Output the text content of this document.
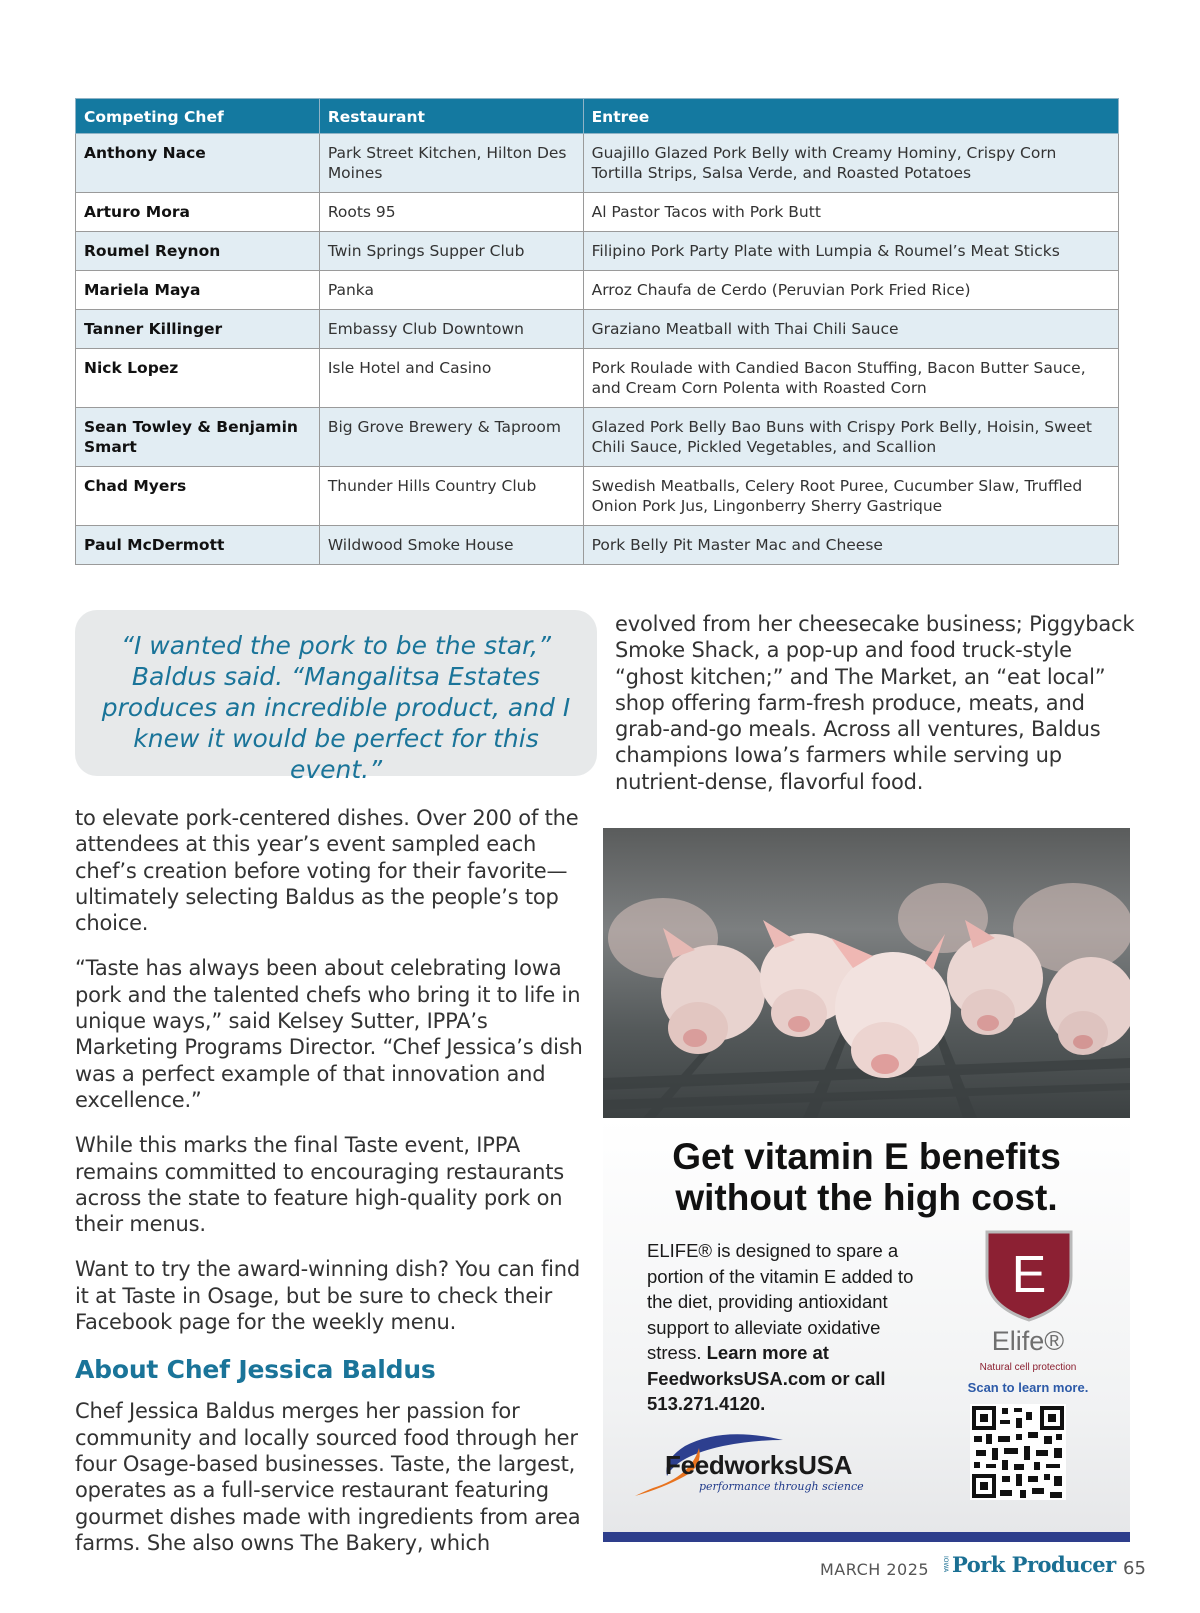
Competing Chef	Restaurant	Entree
Anthony Nace	Park Street Kitchen, Hilton Des Moines	Guajillo Glazed Pork Belly with Creamy Hominy, Crispy Corn Tortilla Strips, Salsa Verde, and Roasted Potatoes
Arturo Mora	Roots 95	Al Pastor Tacos with Pork Butt
Roumel Reynon	Twin Springs Supper Club	Filipino Pork Party Plate with Lumpia & Roumel’s Meat Sticks
Mariela Maya	Panka	Arroz Chaufa de Cerdo (Peruvian Pork Fried Rice)
Tanner Killinger	Embassy Club Downtown	Graziano Meatball with Thai Chili Sauce
Nick Lopez	Isle Hotel and Casino	Pork Roulade with Candied Bacon Stuffing, Bacon Butter Sauce, and Cream Corn Polenta with Roasted Corn
Sean Towley & Benjamin Smart	Big Grove Brewery & Taproom	Glazed Pork Belly Bao Buns with Crispy Pork Belly, Hoisin, Sweet Chili Sauce, Pickled Vegetables, and Scallion
Chad Myers	Thunder Hills Country Club	Swedish Meatballs, Celery Root Puree, Cucumber Slaw, Truffled Onion Pork Jus, Lingonberry Sherry Gastrique
Paul McDermott	Wildwood Smoke House	Pork Belly Pit Master Mac and Cheese

“I wanted the pork to be the star,” Baldus said. “Mangalitsa Estates produces an incredible product, and I knew it would be perfect for this event.”

to elevate pork-centered dishes. Over 200 of the attendees at this year’s event sampled each chef’s creation before voting for their favorite—ultimately selecting Baldus as the people’s top choice.

“Taste has always been about celebrating Iowa pork and the talented chefs who bring it to life in unique ways,” said Kelsey Sutter, IPPA’s Marketing Programs Director. “Chef Jessica’s dish was a perfect example of that innovation and excellence.”

While this marks the final Taste event, IPPA remains committed to encouraging restaurants across the state to feature high-quality pork on their menus.

Want to try the award-winning dish? You can find it at Taste in Osage, but be sure to check their Facebook page for the weekly menu.

About Chef Jessica Baldus

Chef Jessica Baldus merges her passion for community and locally sourced food through her four Osage-based businesses. Taste, the largest, operates as a full-service restaurant featuring gourmet dishes made with ingredients from area farms. She also owns The Bakery, which

evolved from her cheesecake business; Piggyback Smoke Shack, a pop-up and food truck-style “ghost kitchen;” and The Market, an “eat local” shop offering farm-fresh produce, meats, and grab-and-go meals. Across all ventures, Baldus champions Iowa’s farmers while serving up nutrient-dense, flavorful food.

Get vitamin E benefits
without the high cost.
ELIFE® is designed to spare a portion of the vitamin E added to the diet, providing antioxidant support to alleviate oxidative stress. Learn more at FeedworksUSA.com or call 513.271.4120.
E
Elife®
Natural cell protection
Scan to learn more.
FeedworksUSA
performance through science
MARCH 2025 IOWA Pork Producer 65
